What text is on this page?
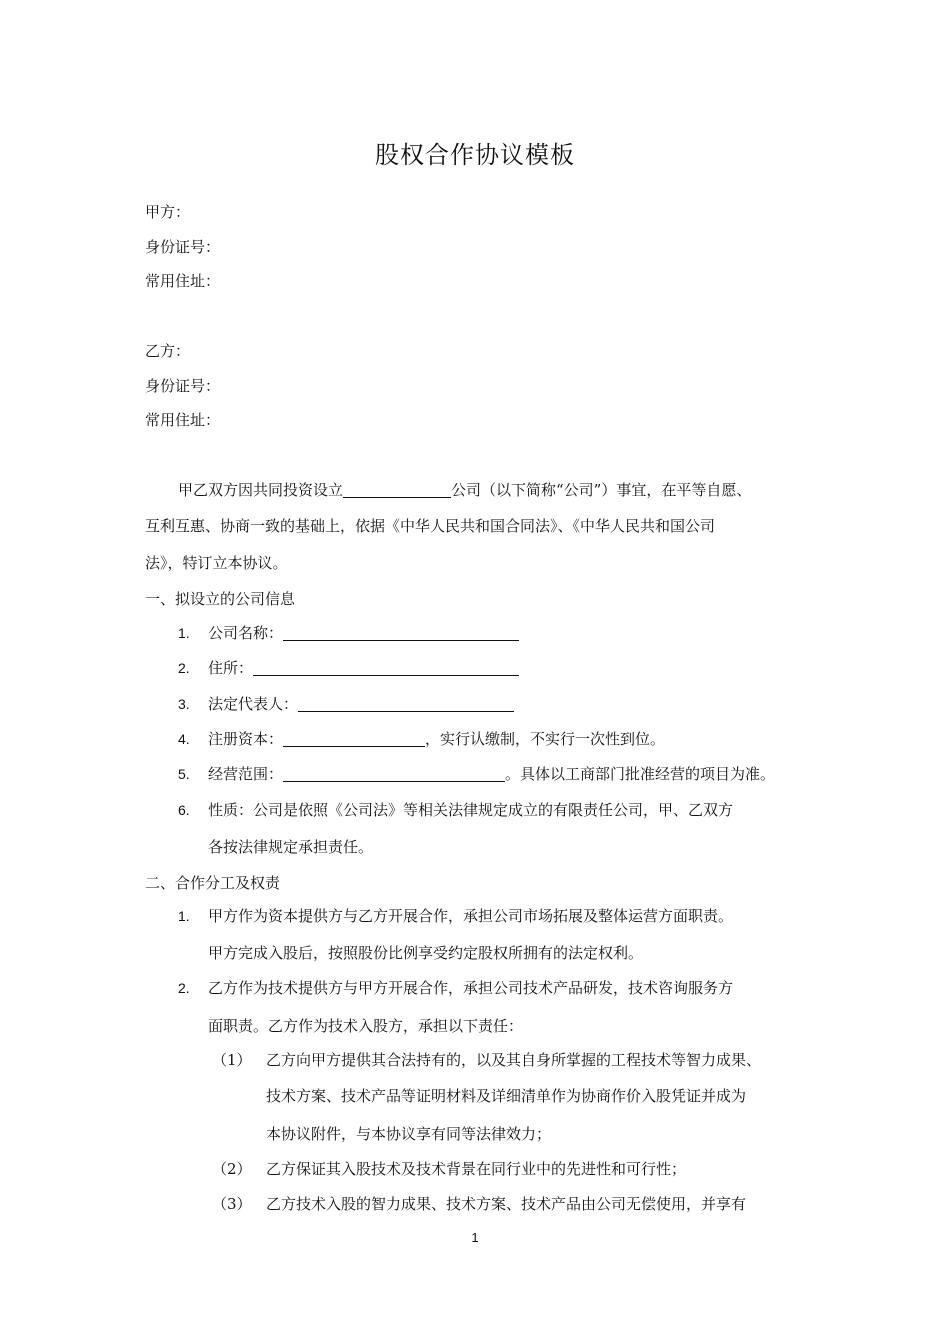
股权合作协议模板
甲方：
身份证号：
常用住址：
乙方：
身份证号：
常用住址：
甲乙双方因共同投资设立	公司（以下简称“公司”）事宜，在平等自愿、
互利互惠、协商一致的基础上，依据《中华人民共和国合同法》、《中华人民共和国公司
法》，特订立本协议。
一、拟设立的公司信息
1. 公司名称：
2. 住所：
3. 法定代表人：
4. 注册资本：	，实行认缴制，不实行一次性到位。
5. 经营范围：	。具体以工商部门批准经营的项目为准。
6. 性质：公司是依照《公司法》等相关法律规定成立的有限责任公司，甲、乙双方
各按法律规定承担责任。
二、合作分工及权责
1. 甲方作为资本提供方与乙方开展合作，承担公司市场拓展及整体运营方面职责。
甲方完成入股后，按照股份比例享受约定股权所拥有的法定权利。
2. 乙方作为技术提供方与甲方开展合作，承担公司技术产品研发，技术咨询服务方
面职责。乙方作为技术入股方，承担以下责任：
（1） 乙方向甲方提供其合法持有的，以及其自身所掌握的工程技术等智力成果、
技术方案、技术产品等证明材料及详细清单作为协商作价入股凭证并成为
本协议附件，与本协议享有同等法律效力；
（2） 乙方保证其入股技术及技术背景在同行业中的先进性和可行性；
（3） 乙方技术入股的智力成果、技术方案、技术产品由公司无偿使用，并享有
1
